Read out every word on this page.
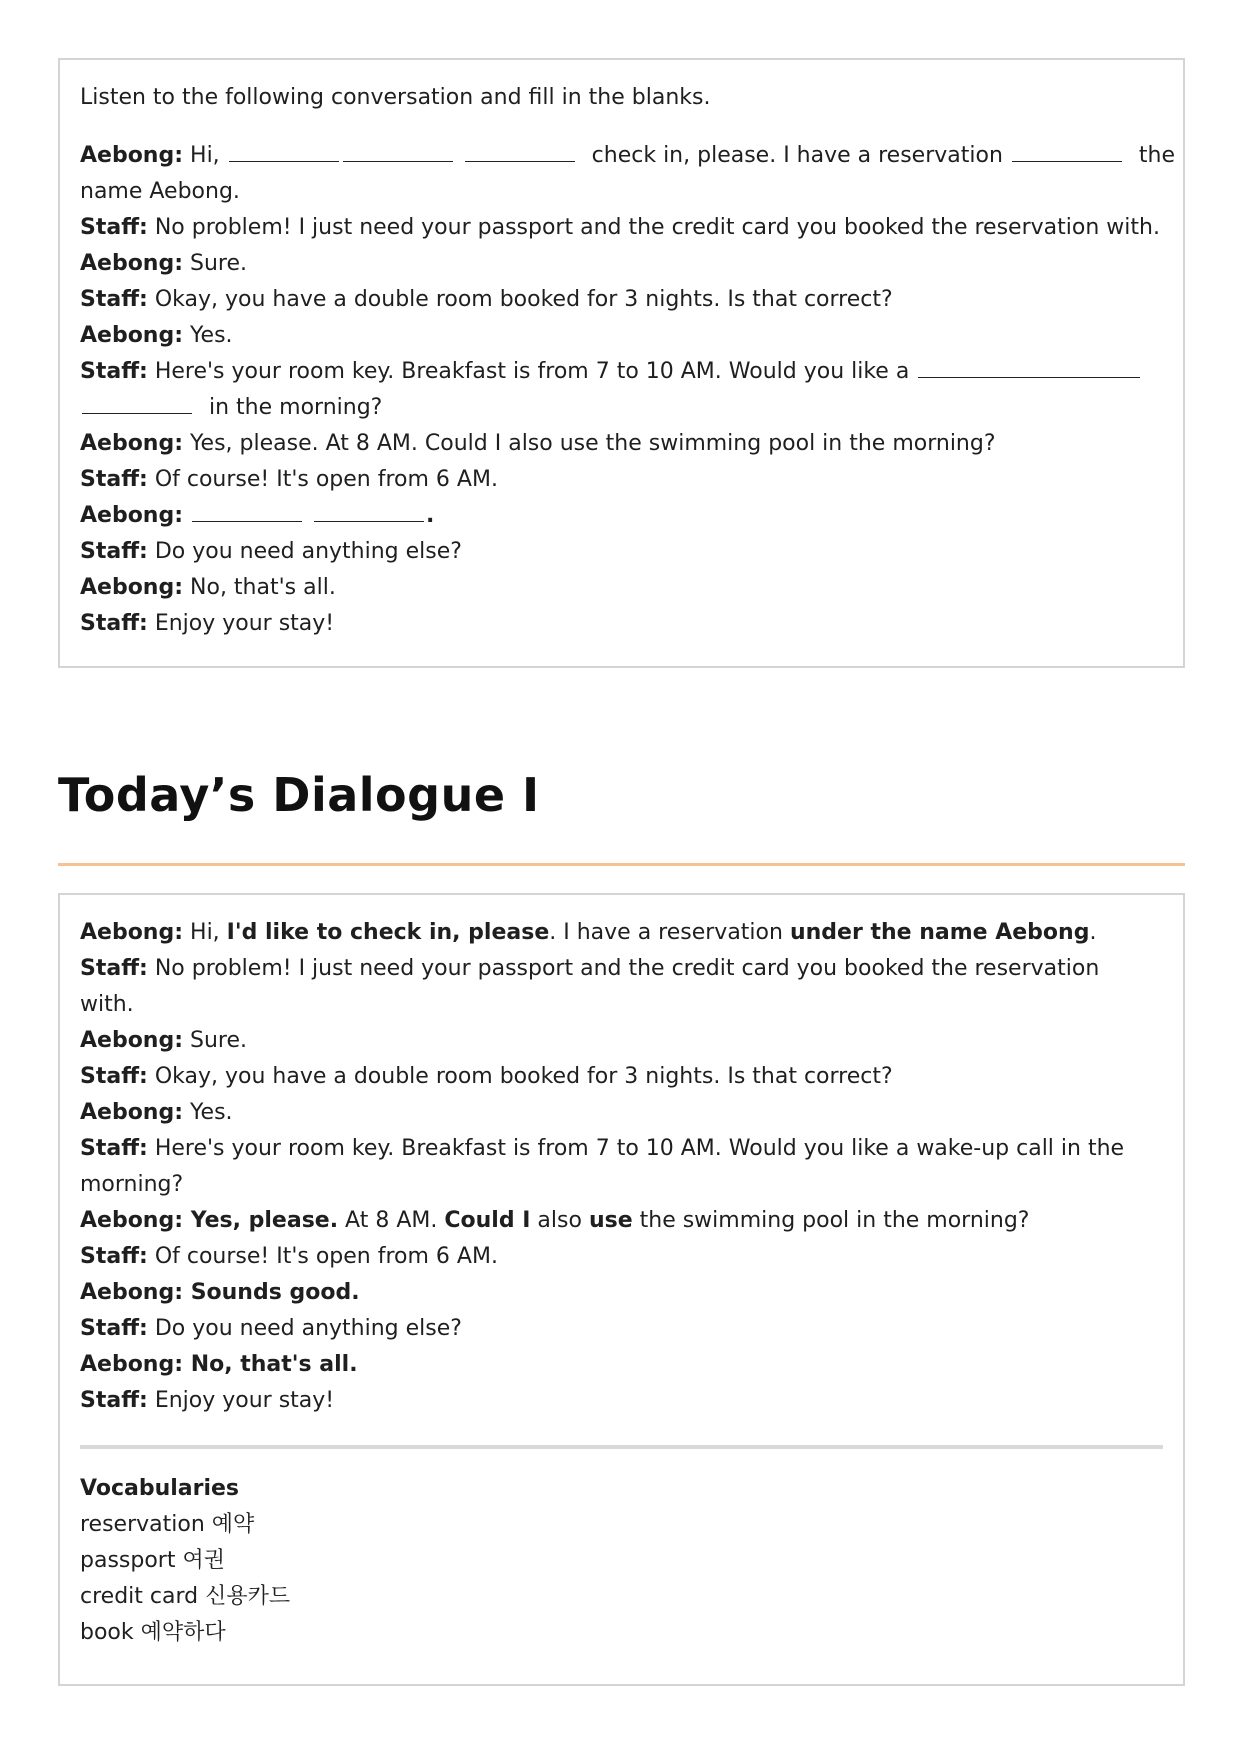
Listen to the following conversation and fill in the blanks.
Aebong: Hi,	check in, please. I have a reservation	the
name Aebong.
Staff: No problem! I just need your passport and the credit card you booked the reservation with.
Aebong: Sure.
Staff: Okay, you have a double room booked for 3 nights. Is that correct?
Aebong: Yes.
Staff: Here's your room key. Breakfast is from 7 to 10 AM. Would you like a
in the morning?
Aebong: Yes, please. At 8 AM. Could I also use the swimming pool in the morning?
Staff: Of course! It's open from 6 AM.
Aebong:	.
Staff: Do you need anything else?
Aebong: No, that's all.
Staff: Enjoy your stay!
Today’s Dialogue I
Aebong: Hi, I'd like to check in, please. I have a reservation under the name Aebong.
Staff: No problem! I just need your passport and the credit card you booked the reservation
with.
Aebong: Sure.
Staff: Okay, you have a double room booked for 3 nights. Is that correct?
Aebong: Yes.
Staff: Here's your room key. Breakfast is from 7 to 10 AM. Would you like a wake-up call in the
morning?
Aebong: Yes, please. At 8 AM. Could I also use the swimming pool in the morning?
Staff: Of course! It's open from 6 AM.
Aebong: Sounds good.
Staff: Do you need anything else?
Aebong: No, that's all.
Staff: Enjoy your stay!
Vocabularies
reservation 예약
passport 여권
credit card 신용카드
book 예약하다
